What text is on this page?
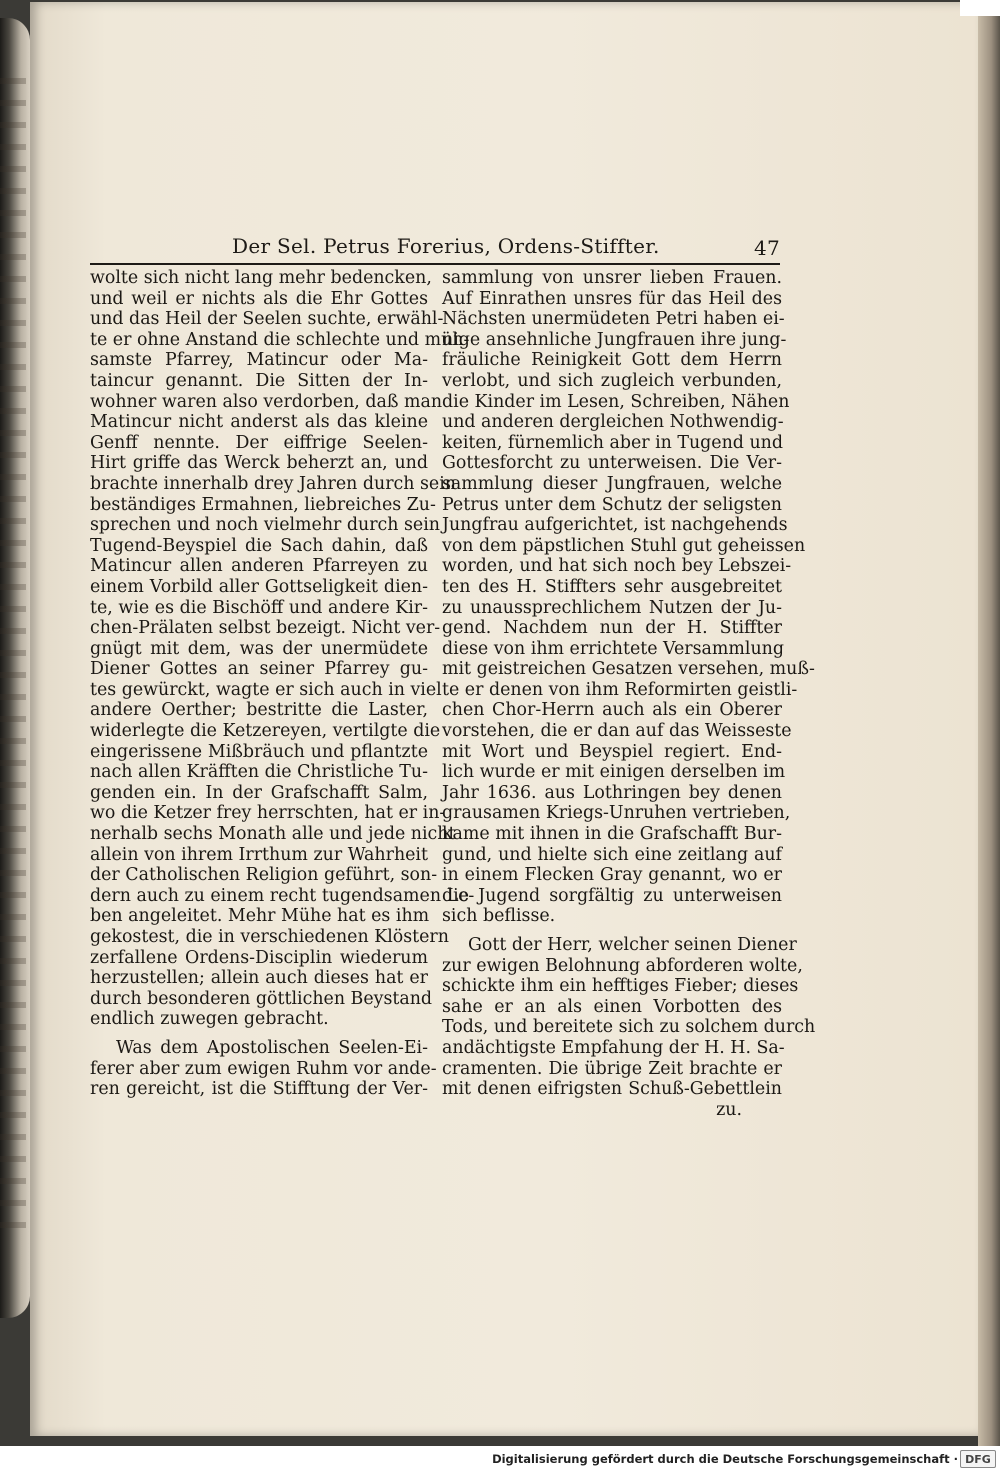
Der Sel. Petrus Forerius, Ordens-Stiffter.	47
wolte sich nicht lang mehr bedencken,
und weil er nichts als die Ehr Gottes
und das Heil der Seelen suchte, erwähl-
te er ohne Anstand die schlechte und müh-
samste Pfarrey, Matincur oder Ma-
taincur genannt. Die Sitten der In-
wohner waren also verdorben, daß man
Matincur nicht anderst als das kleine
Genff nennte. Der eiffrige Seelen-
Hirt griffe das Werck beherzt an, und
brachte innerhalb drey Jahren durch sein
beständiges Ermahnen, liebreiches Zu-
sprechen und noch vielmehr durch sein
Tugend-Beyspiel die Sach dahin, daß
Matincur allen anderen Pfarreyen zu
einem Vorbild aller Gottseligkeit dien-
te, wie es die Bischöff und andere Kir-
chen-Prälaten selbst bezeigt. Nicht ver-
gnügt mit dem, was der unermüdete
Diener Gottes an seiner Pfarrey gu-
tes gewürckt, wagte er sich auch in viel
andere Oerther; bestritte die Laster,
widerlegte die Ketzereyen, vertilgte die
eingerissene Mißbräuch und pflantzte
nach allen Kräfften die Christliche Tu-
genden ein. In der Grafschafft Salm,
wo die Ketzer frey herrschten, hat er in-
nerhalb sechs Monath alle und jede nicht
allein von ihrem Irrthum zur Wahrheit
der Catholischen Religion geführt, son-
dern auch zu einem recht tugendsamen Le-
ben angeleitet. Mehr Mühe hat es ihm
gekostest, die in verschiedenen Klöstern
zerfallene Ordens-Disciplin wiederum
herzustellen; allein auch dieses hat er
durch besonderen göttlichen Beystand
endlich zuwegen gebracht.
Was dem Apostolischen Seelen-Ei-
ferer aber zum ewigen Ruhm vor ande-
ren gereicht, ist die Stifftung der Ver-
sammlung von unsrer lieben Frauen.
Auf Einrathen unsres für das Heil des
Nächsten unermüdeten Petri haben ei-
nige ansehnliche Jungfrauen ihre jung-
fräuliche Reinigkeit Gott dem Herrn
verlobt, und sich zugleich verbunden,
die Kinder im Lesen, Schreiben, Nähen
und anderen dergleichen Nothwendig-
keiten, fürnemlich aber in Tugend und
Gottesforcht zu unterweisen. Die Ver-
sammlung dieser Jungfrauen, welche
Petrus unter dem Schutz der seligsten
Jungfrau aufgerichtet, ist nachgehends
von dem päpstlichen Stuhl gut geheissen
worden, und hat sich noch bey Lebszei-
ten des H. Stiffters sehr ausgebreitet
zu unaussprechlichem Nutzen der Ju-
gend. Nachdem nun der H. Stiffter
diese von ihm errichtete Versammlung
mit geistreichen Gesatzen versehen, muß-
te er denen von ihm Reformirten geistli-
chen Chor-Herrn auch als ein Oberer
vorstehen, die er dan auf das Weisseste
mit Wort und Beyspiel regiert. End-
lich wurde er mit einigen derselben im
Jahr 1636. aus Lothringen bey denen
grausamen Kriegs-Unruhen vertrieben,
kame mit ihnen in die Grafschafft Bur-
gund, und hielte sich eine zeitlang auf
in einem Flecken Gray genannt, wo er
die Jugend sorgfältig zu unterweisen
sich beflisse.
Gott der Herr, welcher seinen Diener
zur ewigen Belohnung abforderen wolte,
schickte ihm ein hefftiges Fieber; dieses
sahe er an als einen Vorbotten des
Tods, und bereitete sich zu solchem durch
andächtigste Empfahung der H. H. Sa-
cramenten. Die übrige Zeit brachte er
mit denen eifrigsten Schuß-Gebettlein
zu.
Digitalisierung gefördert durch die Deutsche Forschungsgemeinschaft · DFG
